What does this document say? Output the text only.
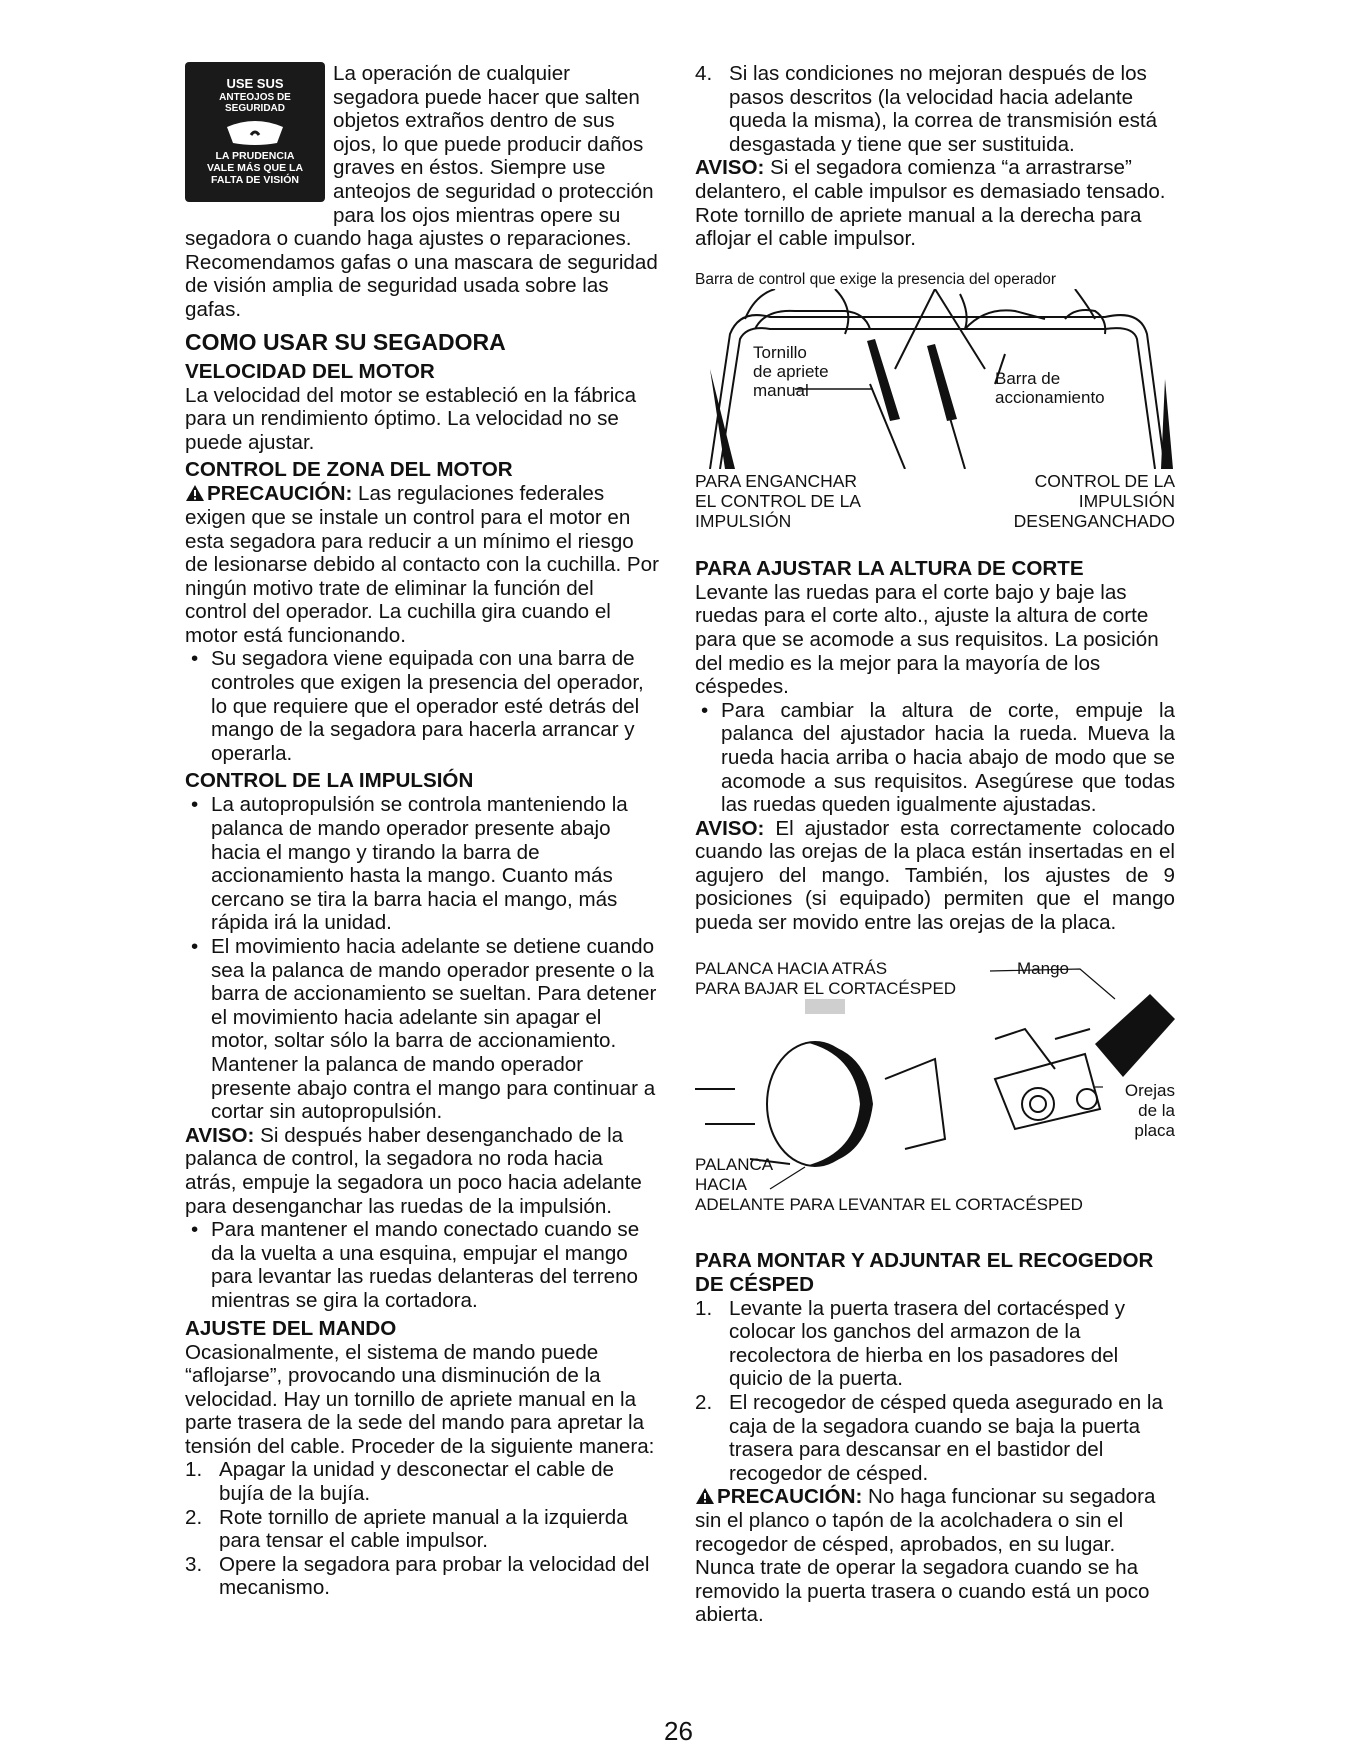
USE SUS
ANTEOJOS DE
SEGURIDAD
LA PRUDENCIA
VALE MÁS QUE LA
FALTA DE VISIÓN

La operación de cualquier segadora puede hacer que salten objetos extraños dentro de sus ojos, lo que puede producir daños graves en éstos. Siempre use anteojos de seguridad o protección para los ojos mientras opere su segadora o cuando haga ajustes o reparaciones. Recomendamos gafas o una mascara de seguridad de visión amplia de seguridad usada sobre las gafas.

COMO USAR SU SEGADORA
VELOCIDAD DEL MOTOR

La velocidad del motor se estableció en la fábrica para un rendimiento óptimo. La velocidad no se puede ajustar.

CONTROL DE ZONA DEL MOTOR

PRECAUCIÓN: Las regulaciones federales exigen que se instale un control para el motor en esta segadora para reducir a un mínimo el riesgo de lesionarse debido al contacto con la cuchilla. Por ningún motivo trate de eliminar la función del control del operador. La cuchilla gira cuando el motor está funcionando.

• Su segadora viene equipada con una barra de controles que exigen la presencia del operador, lo que requiere que el operador esté detrás del mango de la segadora para hacerla arrancar y operarla.
CONTROL DE LA IMPULSIÓN
• La autopropulsión se controla manteniendo la palanca de mando operador presente abajo hacia el mango y tirando la barra de accionamiento hasta la mango. Cuanto más cercano se tira la barra hacia el mango, más rápida irá la unidad.
• El movimiento hacia adelante se detiene cuando sea la palanca de mando operador presente o la barra de accionamiento se sueltan. Para detener el movimiento hacia adelante sin apagar el motor, soltar sólo la barra de accionamiento. Mantener la palanca de mando operador presente abajo contra el mango para continuar a cortar sin autopropulsión.

AVISO: Si después haber desenganchado de la palanca de control, la segadora no roda hacia atrás, empuje la segadora un poco hacia adelante para desenganchar las ruedas de la impulsión.

• Para mantener el mando conectado cuando se da la vuelta a una esquina, empujar el mango para levantar las ruedas delanteras del terreno mientras se gira la cortadora.
AJUSTE DEL MANDO

Ocasionalmente, el sistema de mando puede “aflojarse”, provocando una disminución de la velocidad. Hay un tornillo de apriete manual en la parte trasera de la sede del mando para apretar la tensión del cable. Proceder de la siguiente manera:

1. Apagar la unidad y desconectar el cable de bujía de la bujía.
2. Rote tornillo de apriete manual a la izquierda para tensar el cable impulsor.
3. Opere la segadora para probar la velocidad del mecanismo.
4. Si las condiciones no mejoran después de los pasos descritos (la velocidad hacia adelante queda la misma), la correa de transmisión está desgastada y tiene que ser sustituida.

AVISO: Si el segadora comienza “a arrastrarse” delantero, el cable impulsor es demasiado tensado. Rote tornillo de apriete manual a la derecha para aflojar el cable impulsor.

Barra de control que exige la presencia del operador
Tornillo
de apriete
manual
Barra de
accionamiento
PARA ENGANCHAR
EL CONTROL DE LA
IMPULSIÓN
CONTROL DE LA
IMPULSIÓN
DESENGANCHADO
PARA AJUSTAR LA ALTURA DE CORTE

Levante las ruedas para el corte bajo y baje las ruedas para el corte alto., ajuste la altura de corte para que se acomode a sus requisitos. La posición del medio es la mejor para la mayoría de los céspedes.

• Para cambiar la altura de corte, empuje la palanca del ajustador hacia la rueda. Mueva la rueda hacia arriba o hacia abajo de modo que se acomode a sus requisitos. Asegúrese que todas las ruedas queden igualmente ajustadas.

AVISO: El ajustador esta correctamente colocado cuando las orejas de la placa están insertadas en el agujero del mango. También, los ajustes de 9 posiciones (si equipado) permiten que el mango pueda ser movido entre las orejas de la placa.

PALANCA HACIA ATRÁS
PARA BAJAR EL CORTACÉSPED
Mango
Orejas
de la
placa
PALANCA
HACIA
ADELANTE PARA LEVANTAR EL CORTACÉSPED
PARA MONTAR Y ADJUNTAR EL RECOGEDOR DE CÉSPED
1. Levante la puerta trasera del cortacésped y colocar los ganchos del armazon de la recolectora de hierba en los pasadores del quicio de la puerta.
2. El recogedor de césped queda asegurado en la caja de la segadora cuando se baja la puerta trasera para descansar en el bastidor del recogedor de césped.

PRECAUCIÓN: No haga funcionar su segadora sin el planco o tapón de la acolchadera o sin el recogedor de césped, aprobados, en su lugar. Nunca trate de operar la segadora cuando se ha removido la puerta trasera o cuando está un poco abierta.

26
